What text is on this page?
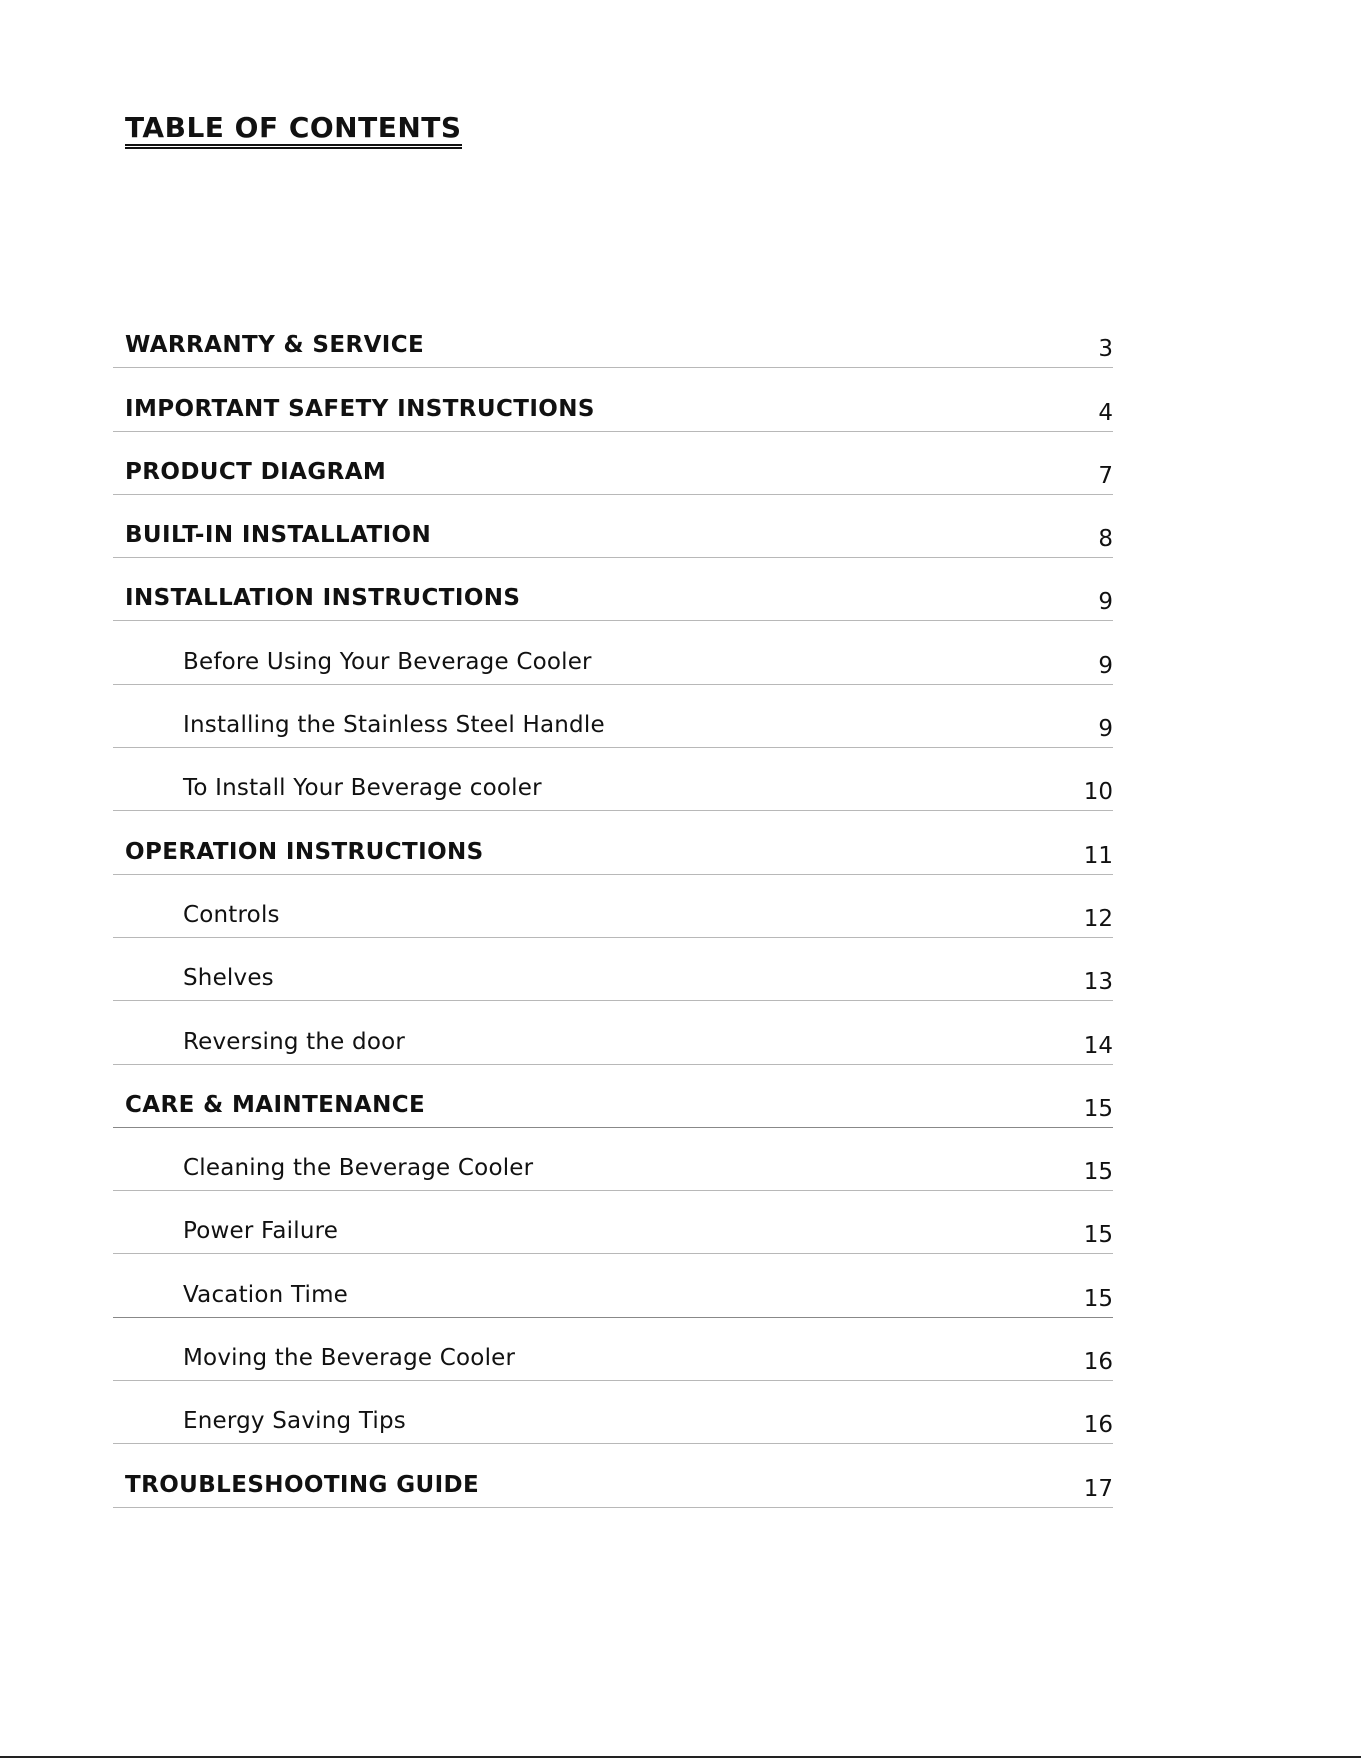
TABLE OF CONTENTS
WARRANTY & SERVICE	3
IMPORTANT SAFETY INSTRUCTIONS	4
PRODUCT DIAGRAM	7
BUILT-IN INSTALLATION	8
INSTALLATION INSTRUCTIONS	9
Before Using Your Beverage Cooler	9
Installing the Stainless Steel Handle	9
To Install Your Beverage cooler	10
OPERATION INSTRUCTIONS	11
Controls	12
Shelves	13
Reversing the door	14
CARE & MAINTENANCE	15
Cleaning the Beverage Cooler	15
Power Failure	15
Vacation Time	15
Moving the Beverage Cooler	16
Energy Saving Tips	16
TROUBLESHOOTING GUIDE	17
